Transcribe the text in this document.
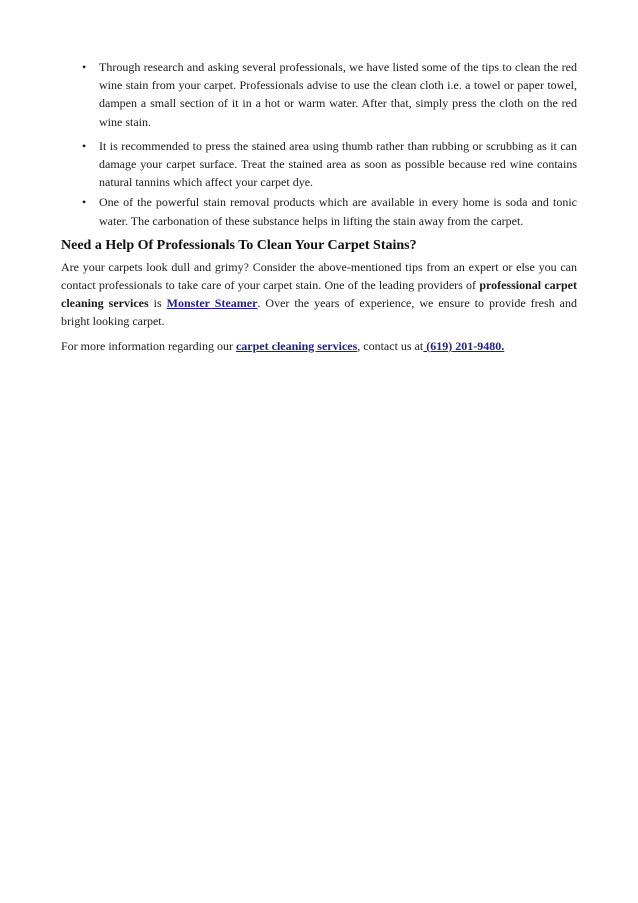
• Through research and asking several professionals, we have listed some of the tips to clean the red wine stain from your carpet. Professionals advise to use the clean cloth i.e. a towel or paper towel, dampen a small section of it in a hot or warm water. After that, simply press the cloth on the red wine stain.
• It is recommended to press the stained area using thumb rather than rubbing or scrubbing as it can damage your carpet surface. Treat the stained area as soon as possible because red wine contains natural tannins which affect your carpet dye.
• One of the powerful stain removal products which are available in every home is soda and tonic water. The carbonation of these substance helps in lifting the stain away from the carpet.
Need a Help Of Professionals To Clean Your Carpet Stains?

Are your carpets look dull and grimy? Consider the above-mentioned tips from an expert or else you can contact professionals to take care of your carpet stain. One of the leading providers of professional carpet cleaning services is Monster Steamer. Over the years of experience, we ensure to provide fresh and bright looking carpet.

For more information regarding our carpet cleaning services, contact us at (619) 201-9480.
